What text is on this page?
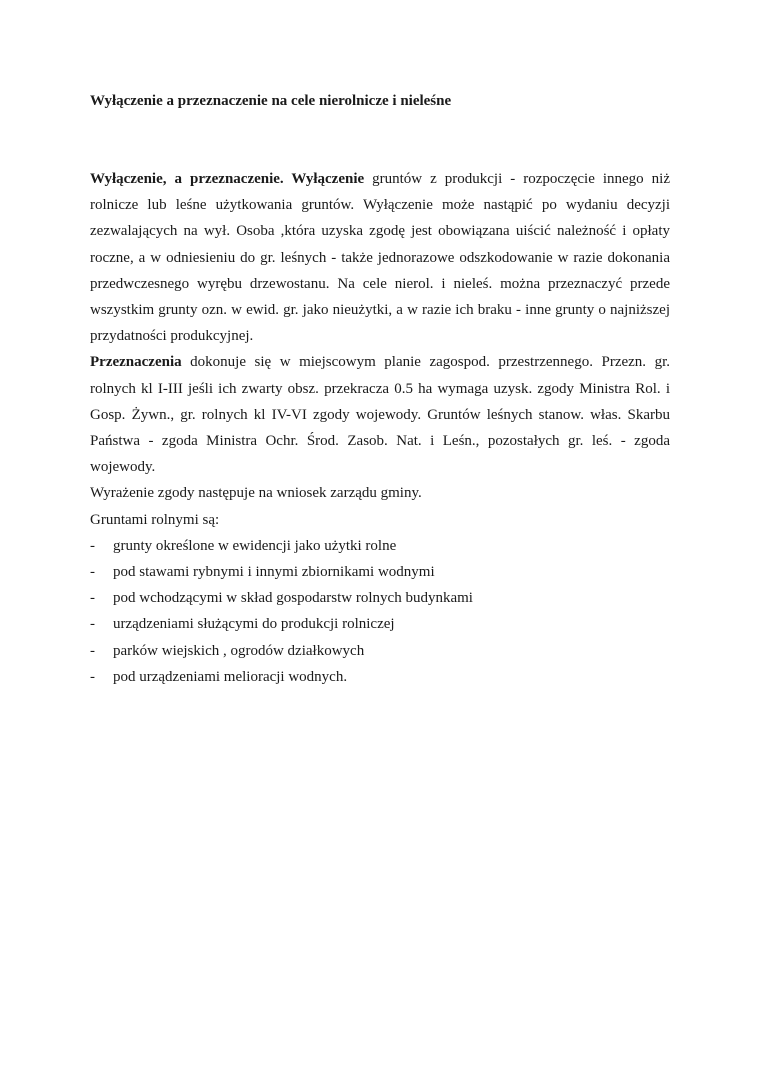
Wyłączenie a przeznaczenie na cele nierolnicze i nieleśne

Wyłączenie, a przeznaczenie. Wyłączenie gruntów z produkcji - rozpoczęcie innego niż rolnicze lub leśne użytkowania gruntów. Wyłączenie może nastąpić po wydaniu decyzji zezwalających na wył. Osoba ,która uzyska zgodę jest obowiązana uiścić należność i opłaty roczne, a w odniesieniu do gr. leśnych - także jednorazowe odszkodowanie w razie dokonania przedwczesnego wyrębu drzewostanu. Na cele nierol. i nieleś. można przeznaczyć przede wszystkim grunty ozn. w ewid. gr. jako nieużytki, a w razie ich braku - inne grunty o najniższej przydatności produkcyjnej.

Przeznaczenia dokonuje się w miejscowym planie zagospod. przestrzennego. Przezn. gr. rolnych kl I-III jeśli ich zwarty obsz. przekracza 0.5 ha wymaga uzysk. zgody Ministra Rol. i Gosp. Żywn., gr. rolnych kl IV-VI zgody wojewody. Gruntów leśnych stanow. włas. Skarbu Państwa - zgoda Ministra Ochr. Środ. Zasob. Nat. i Leśn., pozostałych gr. leś. - zgoda wojewody.

Wyrażenie zgody następuje na wniosek zarządu gminy.

Gruntami rolnymi są:

-	grunty określone w ewidencji jako użytki rolne
-	pod stawami rybnymi i innymi zbiornikami wodnymi
-	pod wchodzącymi w skład gospodarstw rolnych budynkami
-	urządzeniami służącymi do produkcji rolniczej
-	parków wiejskich , ogrodów działkowych
-	pod urządzeniami melioracji wodnych.
